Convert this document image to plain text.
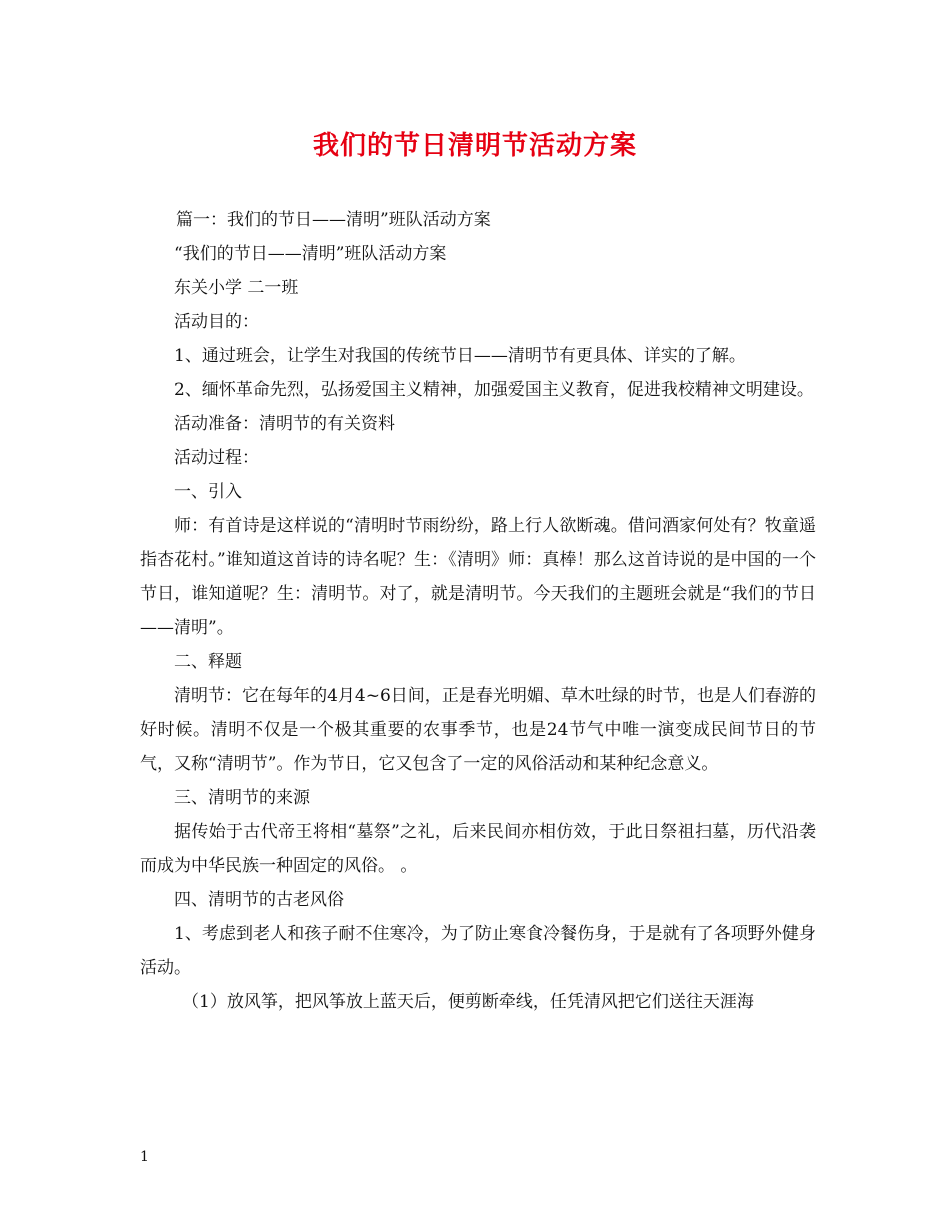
我们的节日清明节活动方案

篇一：我们的节日——清明”班队活动方案

“我们的节日——清明”班队活动方案

东关小学 二一班

活动目的：

1、通过班会，让学生对我国的传统节日——清明节有更具体、详实的了解。

2、缅怀革命先烈，弘扬爱国主义精神，加强爱国主义教育，促进我校精神文明建设。

活动准备：清明节的有关资料

活动过程：

一、引入

师：有首诗是这样说的“清明时节雨纷纷，路上行人欲断魂。借问酒家何处有？牧童遥指杏花村。”谁知道这首诗的诗名呢？生：《清明》师：真棒！那么这首诗说的是中国的一个节日，谁知道呢？生：清明节。对了，就是清明节。今天我们的主题班会就是“我们的节日——清明”。

二、释题

清明节：它在每年的4月4~6日间，正是春光明媚、草木吐绿的时节，也是人们春游的好时候。清明不仅是一个极其重要的农事季节，也是24节气中唯一演变成民间节日的节气，又称“清明节”。作为节日，它又包含了一定的风俗活动和某种纪念意义。

三、清明节的来源

据传始于古代帝王将相“墓祭”之礼，后来民间亦相仿效，于此日祭祖扫墓，历代沿袭而成为中华民族一种固定的风俗。 。

四、清明节的古老风俗

1、考虑到老人和孩子耐不住寒冷，为了防止寒食冷餐伤身，于是就有了各项野外健身活动。

（1）放风筝，把风筝放上蓝天后，便剪断牵线，任凭清风把它们送往天涯海

1
